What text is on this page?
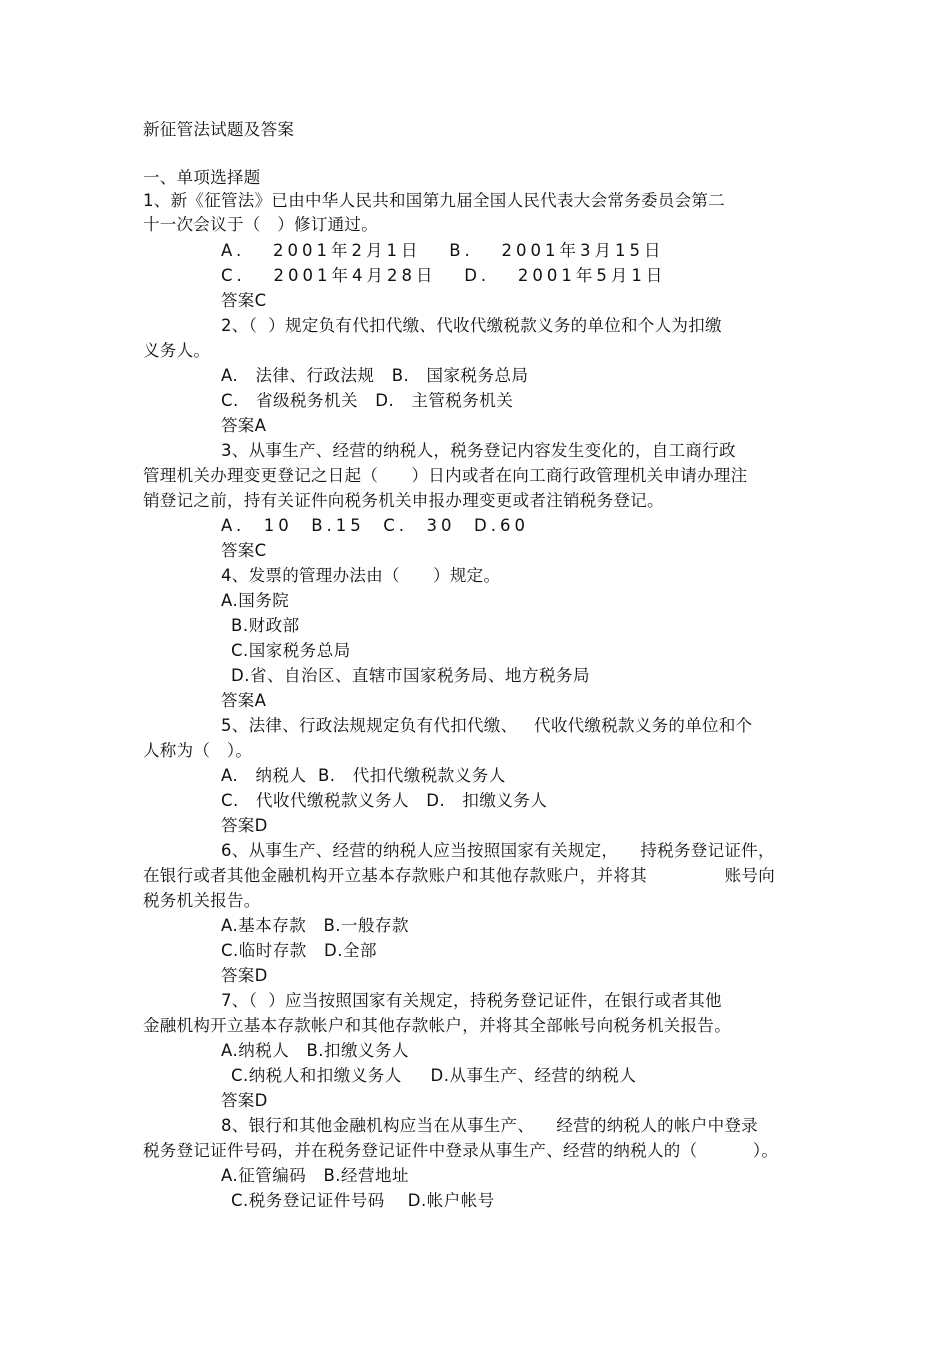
新征管法试题及答案
一、单项选择题
1、新《征管法》已由中华人民共和国第九届全国人民代表大会常务委员会第二
十一次会议于（   ）修订通过。
A.   2001年2月1日   B.   2001年3月15日
C.   2001年4月28日   D.   2001年5月1日
答案C
2、（  ）规定负有代扣代缴、代收代缴税款义务的单位和个人为扣缴
义务人。
A.   法律、行政法规   B.   国家税务总局
C.   省级税务机关   D.   主管税务机关
答案A
3、从事生产、经营的纳税人，税务登记内容发生变化的，自工商行政
管理机关办理变更登记之日起（      ）日内或者在向工商行政管理机关申请办理注
销登记之前，持有关证件向税务机关申报办理变更或者注销税务登记。
A.  10  B.15  C.  30  D.60
答案C
4、发票的管理办法由（      ）规定。
A.国务院
B.财政部
C.国家税务总局
D.省、自治区、直辖市国家税务局、地方税务局
答案A
5、法律、行政法规规定负有代扣代缴、   代收代缴税款义务的单位和个
人称为（   ）。
A.   纳税人  B.   代扣代缴税款义务人
C.   代收代缴税款义务人   D.   扣缴义务人
答案D
6、从事生产、经营的纳税人应当按照国家有关规定，    持税务登记证件，
在银行或者其他金融机构开立基本存款账户和其他存款账户，并将其              账号向
税务机关报告。
A.基本存款   B.一般存款
C.临时存款   D.全部
答案D
7、（  ）应当按照国家有关规定，持税务登记证件，在银行或者其他
金融机构开立基本存款帐户和其他存款帐户，并将其全部帐号向税务机关报告。
A.纳税人   B.扣缴义务人
C.纳税人和扣缴义务人     D.从事生产、经营的纳税人
答案D
8、银行和其他金融机构应当在从事生产、    经营的纳税人的帐户中登录
税务登记证件号码，并在税务登记证件中登录从事生产、经营的纳税人的（          ）。
A.征管编码   B.经营地址
C.税务登记证件号码    D.帐户帐号
